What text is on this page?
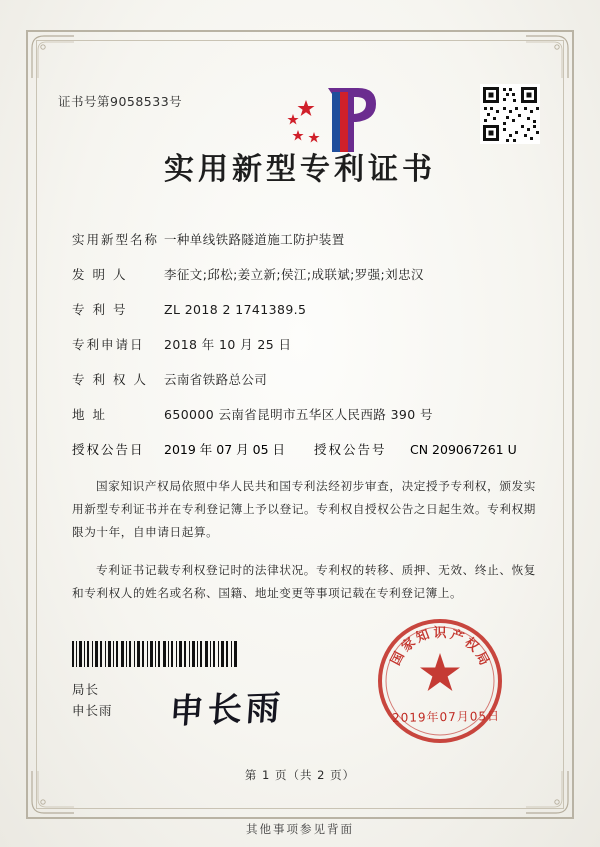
证书号第9058533号
实用新型专利证书
实用新型名称 一种单线铁路隧道施工防护装置
发 明 人	李征文;邱松;姜立新;侯江;成联斌;罗强;刘忠汉
专 利 号	ZL 2018 2 1741389.5
专利申请日	2018 年 10 月 25 日
专 利 权 人	云南省铁路总公司
地 址	650000 云南省昆明市五华区人民西路 390 号
授权公告日	2019 年 07 月 05 日	授权公告号	CN 209067261 U
国家知识产权局依照中华人民共和国专利法经初步审查，决定授予专利权，颁发实用新型专利证书并在专利登记簿上予以登记。专利权自授权公告之日起生效。专利权期限为十年，自申请日起算。
专利证书记载专利权登记时的法律状况。专利权的转移、质押、无效、终止、恢复和专利权人的姓名或名称、国籍、地址变更等事项记载在专利登记簿上。
局长
申长雨 申长雨
国
家
知 识 产
权
局
2019年07月05日
第 1 页（共 2 页）
其他事项参见背面
